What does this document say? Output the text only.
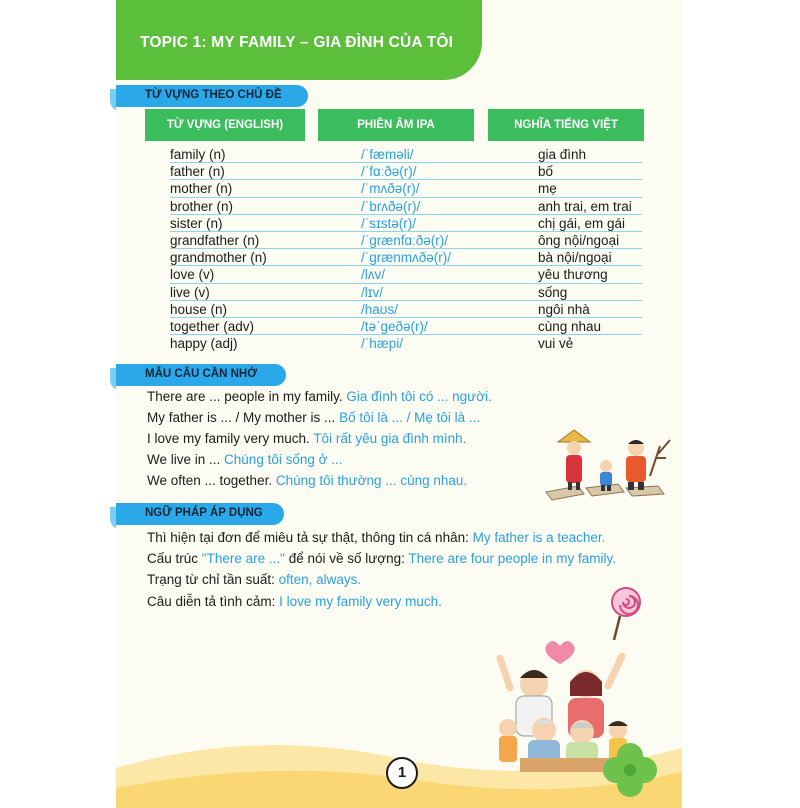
TOPIC 1: MY FAMILY – GIA ĐÌNH CỦA TÔI
TỪ VỰNG THEO CHỦ ĐỀ
TỪ VỰNG (ENGLISH)	PHIÊN ÂM IPA	NGHĨA TIẾNG VIỆT
family (n)	/ˈfæməli/	gia đình
father (n)	/ˈfɑːðə(r)/	bố
mother (n)	/ˈmʌðə(r)/	mẹ
brother (n)	/ˈbrʌðə(r)/	anh trai, em trai
sister (n)	/ˈsɪstə(r)/	chị gái, em gái
grandfather (n)	/ˈɡrænfɑːðə(r)/	ông nội/ngoại
grandmother (n)	/ˈɡrænmʌðə(r)/	bà nội/ngoại
love (v)	/lʌv/	yêu thương
live (v)	/lɪv/	sống
house (n)	/haʊs/	ngôi nhà
together (adv)	/təˈɡeðə(r)/	cùng nhau
happy (adj)	/ˈhæpi/	vui vẻ
MẪU CÂU CẦN NHỚ
There are ... people in my family. Gia đình tôi có ... người.
My father is ... / My mother is ... Bố tôi là ... / Mẹ tôi là ...
I love my family very much. Tôi rất yêu gia đình mình.
We live in ... Chúng tôi sống ở ...
We often ... together. Chúng tôi thường ... cùng nhau.
NGỮ PHÁP ÁP DỤNG
Thì hiện tại đơn để miêu tả sự thật, thông tin cá nhân: My father is a teacher.
Cấu trúc "There are ..." để nói về số lượng: There are four people in my family.
Trạng từ chỉ tần suất: often, always.
Câu diễn tả tình cảm: I love my family very much.
1
